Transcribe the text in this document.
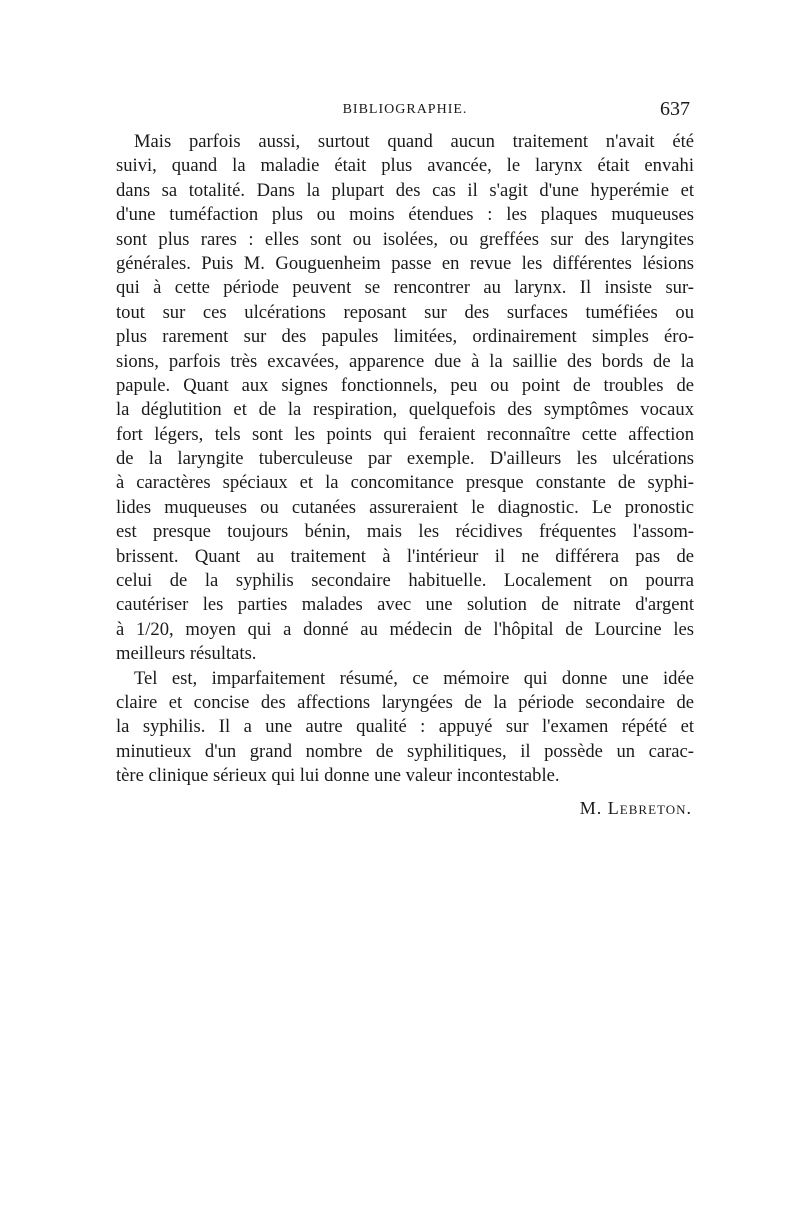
BIBLIOGRAPHIE.	637
Mais parfois aussi, surtout quand aucun traitement n'avait été
suivi, quand la maladie était plus avancée, le larynx était envahi
dans sa totalité. Dans la plupart des cas il s'agit d'une hyperémie et
d'une tuméfaction plus ou moins étendues : les plaques muqueuses
sont plus rares : elles sont ou isolées, ou greffées sur des laryngites
générales. Puis M. Gouguenheim passe en revue les différentes lésions
qui à cette période peuvent se rencontrer au larynx. Il insiste sur-
tout sur ces ulcérations reposant sur des surfaces tuméfiées ou
plus rarement sur des papules limitées, ordinairement simples éro-
sions, parfois très excavées, apparence due à la saillie des bords de la
papule. Quant aux signes fonctionnels, peu ou point de troubles de
la déglutition et de la respiration, quelquefois des symptômes vocaux
fort légers, tels sont les points qui feraient reconnaître cette affection
de la laryngite tuberculeuse par exemple. D'ailleurs les ulcérations
à caractères spéciaux et la concomitance presque constante de syphi-
lides muqueuses ou cutanées assureraient le diagnostic. Le pronostic
est presque toujours bénin, mais les récidives fréquentes l'assom-
brissent. Quant au traitement à l'intérieur il ne différera pas de
celui de la syphilis secondaire habituelle. Localement on pourra
cautériser les parties malades avec une solution de nitrate d'argent
à 1/20, moyen qui a donné au médecin de l'hôpital de Lourcine les
meilleurs résultats.
Tel est, imparfaitement résumé, ce mémoire qui donne une idée
claire et concise des affections laryngées de la période secondaire de
la syphilis. Il a une autre qualité : appuyé sur l'examen répété et
minutieux d'un grand nombre de syphilitiques, il possède un carac-
tère clinique sérieux qui lui donne une valeur incontestable.
M. Lebreton.
